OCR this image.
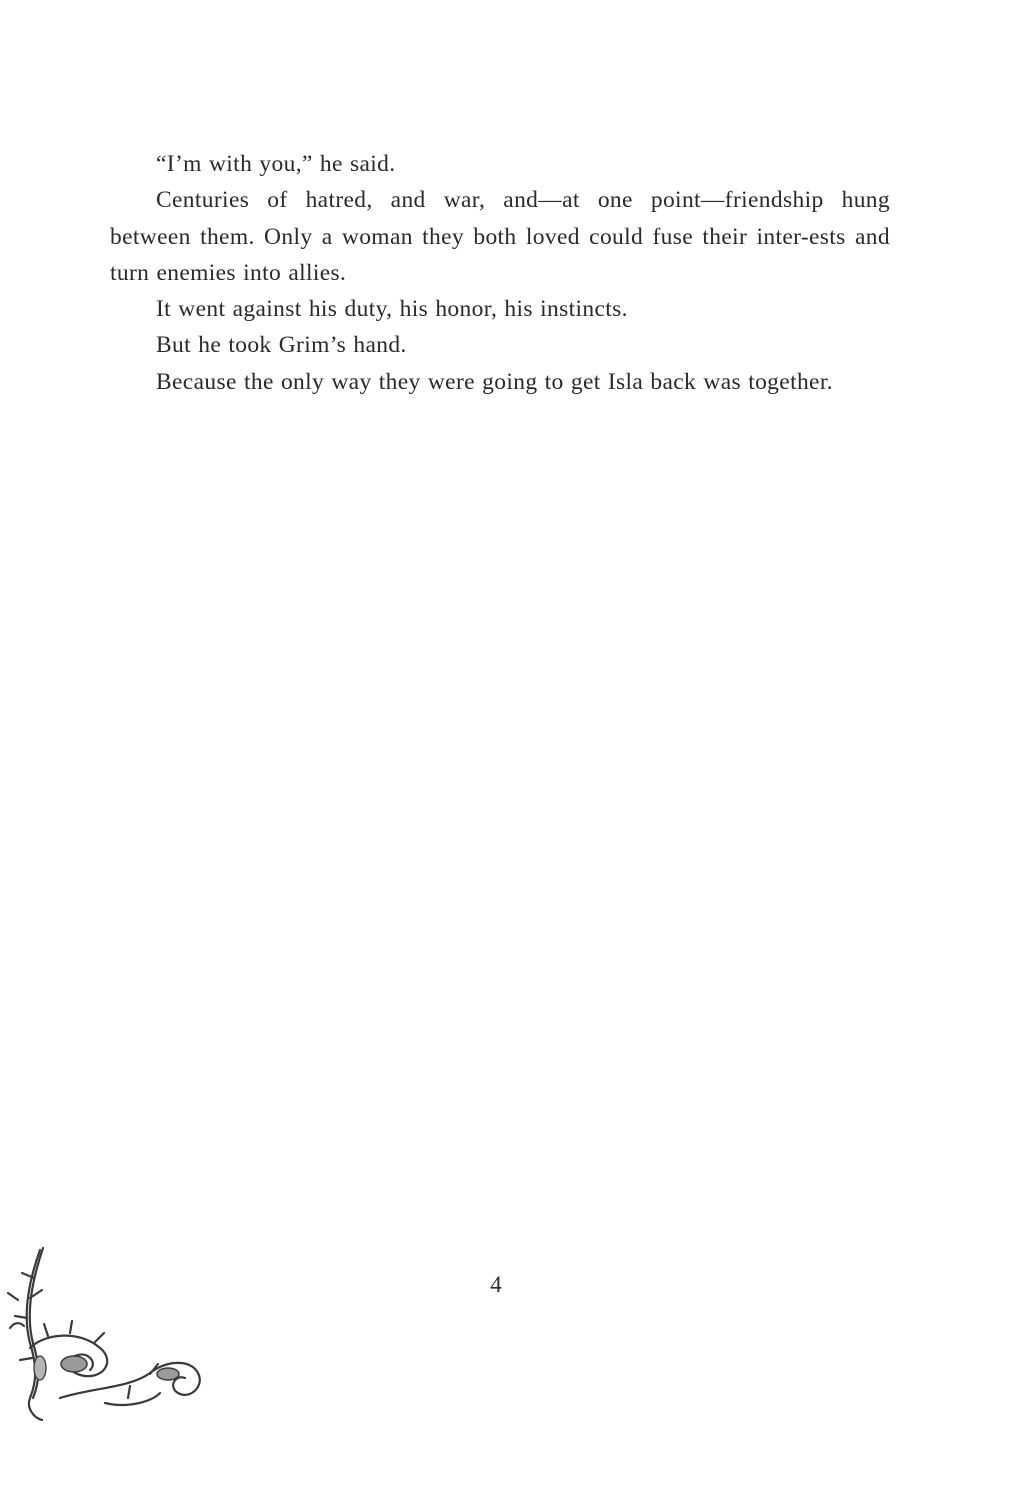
“I’m with you,” he said.

Centuries of hatred, and war, and—at one point—friendship hung between them. Only a woman they both loved could fuse their inter-ests and turn enemies into allies.

It went against his duty, his honor, his instincts.

But he took Grim’s hand.

Because the only way they were going to get Isla back was together.

4
